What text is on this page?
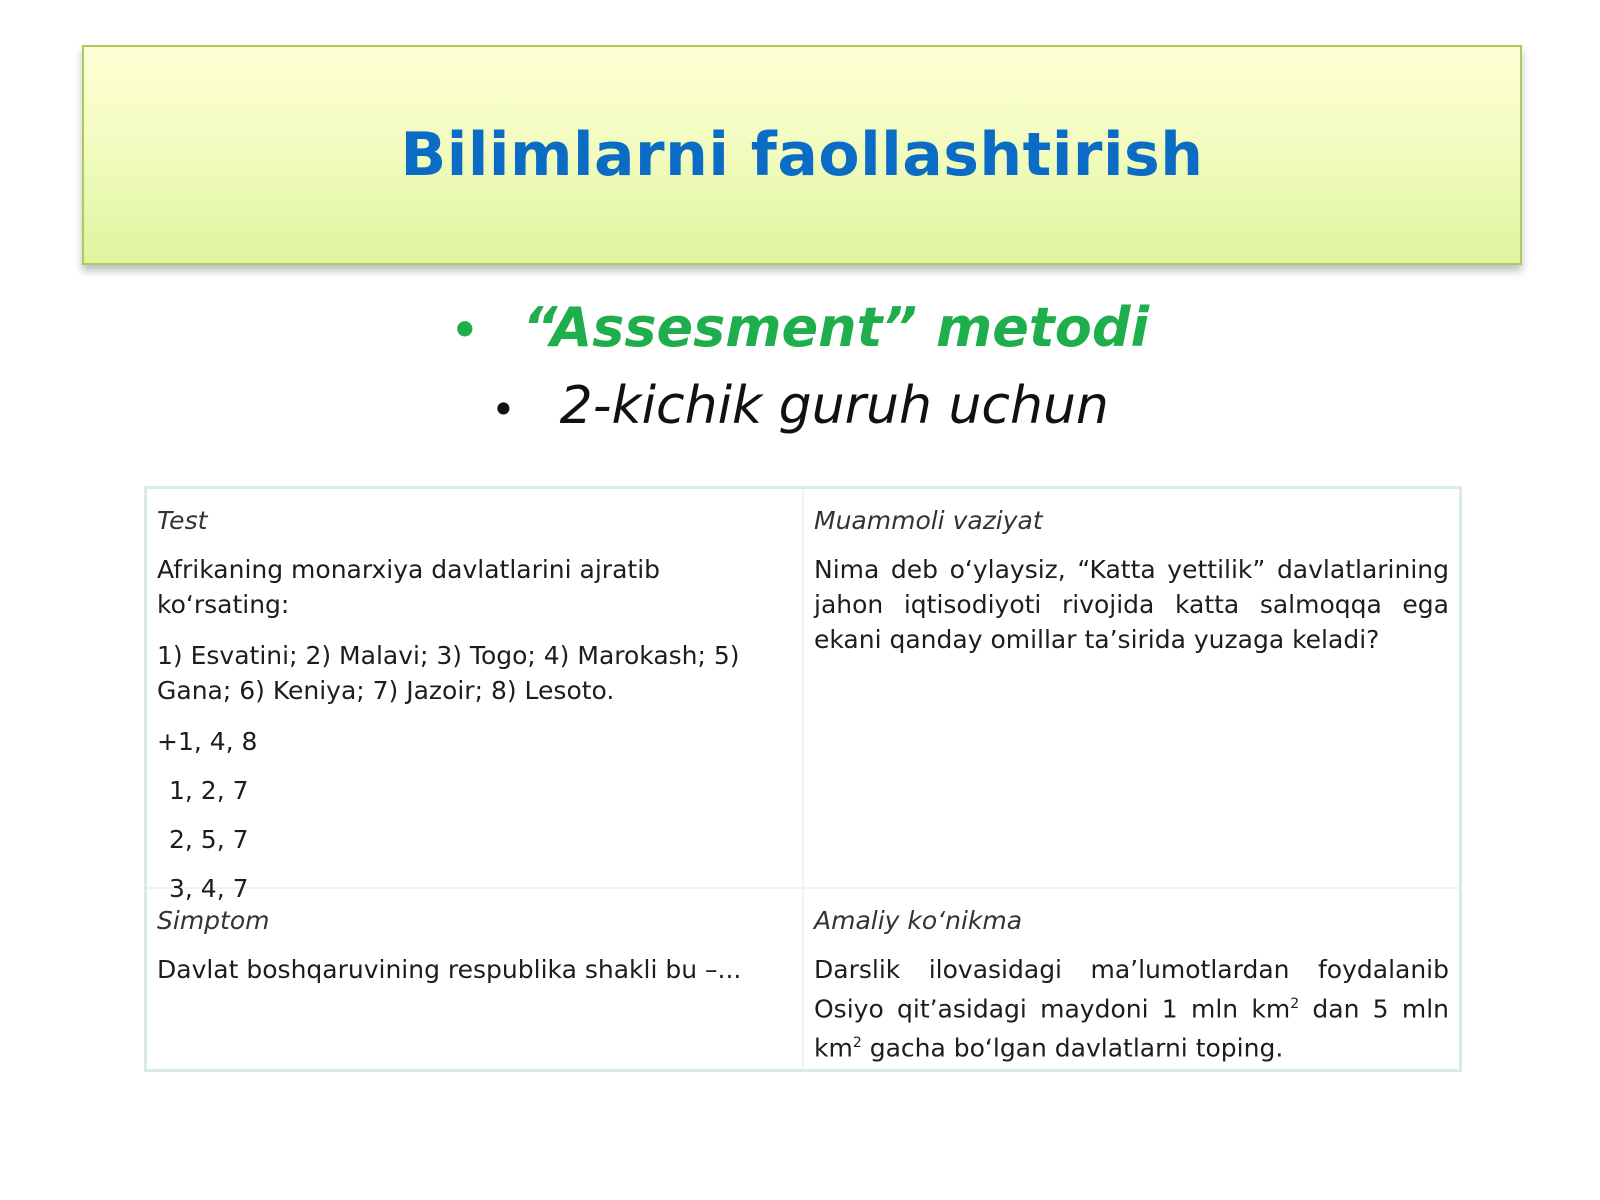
Bilimlarni faollashtirish
• “Assesment” metodi
• 2-kichik guruh uchun

Test

Afrikaning monarxiya davlatlarini ajratib ko‘rsating:

1) Esvatini; 2) Malavi; 3) Togo; 4) Marokash; 5) Gana; 6) Keniya; 7) Jazoir; 8) Lesoto.

+1, 4, 8

1, 2, 7

2, 5, 7

3, 4, 7

Muammoli vaziyat

Nima deb o‘ylaysiz, “Katta yettilik” davlatlarining jahon iqtisodiyoti rivojida katta salmoqqa ega ekani qanday omillar ta’sirida yuzaga keladi?

Simptom

Davlat boshqaruvining respublika shakli bu –...

Amaliy ko‘nikma

Darslik ilovasidagi ma’lumotlardan foydalanib Osiyo qit’asidagi maydoni 1 mln $km^2$ dan 5 mln $km^2$ gacha bo‘lgan davlatlarni toping.
